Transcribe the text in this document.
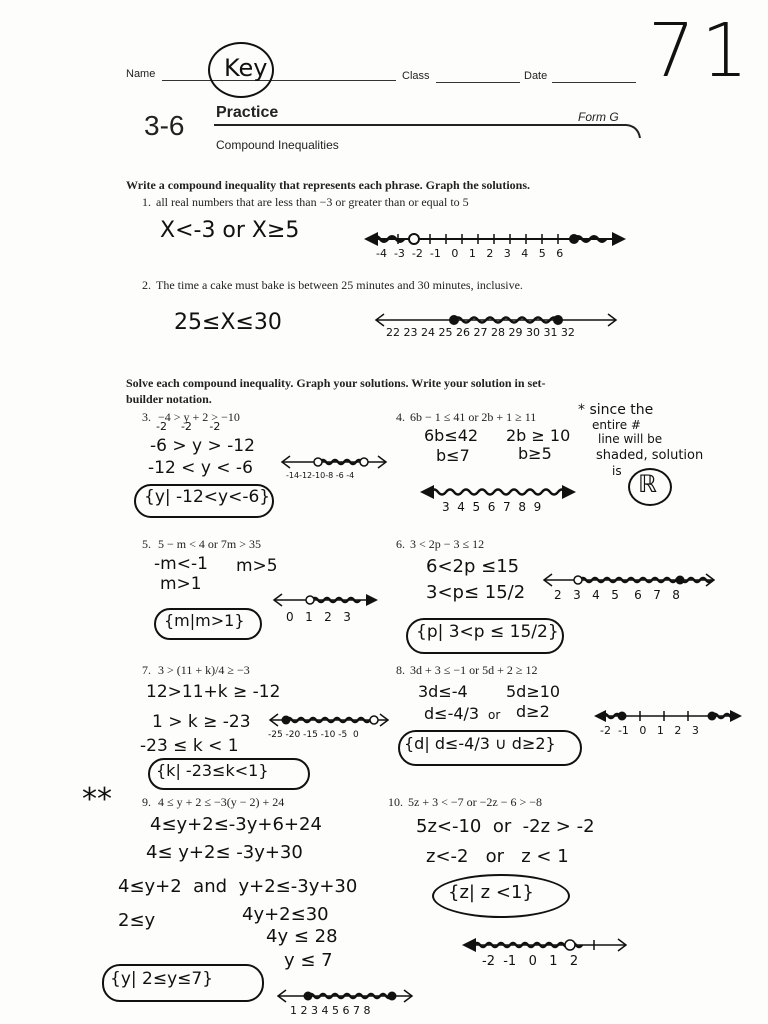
71
Name	Key	Class	Date
3-6 Practice	Form G
Compound Inequalities
Write a compound inequality that represents each phrase. Graph the solutions.
1. all real numbers that are less than −3 or greater than or equal to 5
X<-3 or X≥5
-4  -3  -2  -1   0   1   2   3   4   5   6
2. The time a cake must bake is between 25 minutes and 30 minutes, inclusive.
25≤X≤30	22 23 24 25 26 27 28 29 30 31 32
Solve each compound inequality. Graph your solutions. Write your solution in set-
builder notation.
3. −4 > y + 2 > −10
-2    -2     -2
-6 > y > -12
-12 < y < -6	-14-12-10-8 -6 -4
{y| -12<y<-6}
4. 6b − 1 ≤ 41 or 2b + 1 ≥ 11
6b≤42 2b ≥ 10
b≤7	b≥5
* since the
entire #
line will be
shaded, solution
is ℝ
3  4  5  6  7  8  9
5. 5 − m < 4 or 7m > 35
-m<-1 m>5
m>1
0   1   2   3
{m|m>1}
6. 3 < 2p − 3 ≤ 12
6<2p ≤15
3<p≤ 15/2 2   3   4   5    6   7   8
{p| 3<p ≤ 15/2}
7. 3 > (11 + k)/4 ≥ −3
12>11+k ≥ -12
1 > k ≥ -23
-23 ≤ k < 1
-25 -20 -15 -10 -5  0
{k| -23≤k<1}
8. 3d + 3 ≤ −1 or 5d + 2 ≥ 12
3d≤-4 5d≥10
d≤-4/3 or d≥2
{d| d≤-4/3 ∪ d≥2}
-2  -1   0   1   2   3
**	9. 4 ≤ y + 2 ≤ −3(y − 2) + 24
4≤y+2≤-3y+6+24
4≤ y+2≤ -3y+30
4≤y+2  and  y+2≤-3y+30
2≤y	4y+2≤30
4y ≤ 28
y ≤ 7
{y| 2≤y≤7}
1 2 3 4 5 6 7 8
10. 5z + 3 < −7 or −2z − 6 > −8
5z<-10  or  -2z > -2
z<-2   or   z < 1
{z| z <1}
-2  -1   0   1   2
